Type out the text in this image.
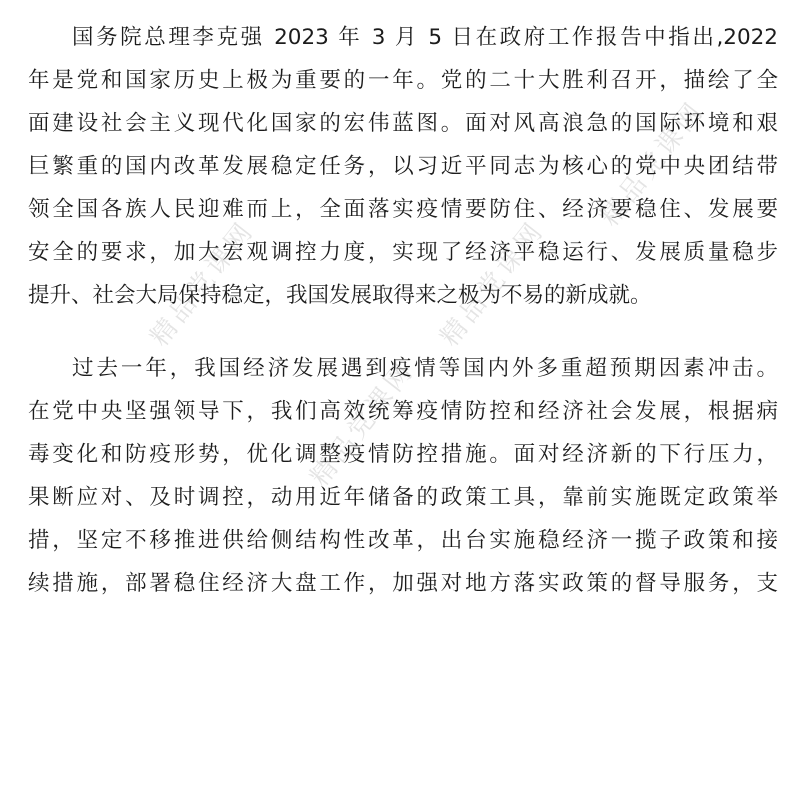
精品党课网
精品党课网
精品党课网
精品党课网
国务院总理李克强 2023 年 3 月 5 日在政府工作报告中指出,2022
年是党和国家历史上极为重要的一年。党的二十大胜利召开，描绘了全
面建设社会主义现代化国家的宏伟蓝图。面对风高浪急的国际环境和艰
巨繁重的国内改革发展稳定任务，以习近平同志为核心的党中央团结带
领全国各族人民迎难而上，全面落实疫情要防住、经济要稳住、发展要
安全的要求，加大宏观调控力度，实现了经济平稳运行、发展质量稳步
提升、社会大局保持稳定，我国发展取得来之极为不易的新成就。
过去一年，我国经济发展遇到疫情等国内外多重超预期因素冲击。
在党中央坚强领导下，我们高效统筹疫情防控和经济社会发展，根据病
毒变化和防疫形势，优化调整疫情防控措施。面对经济新的下行压力，
果断应对、及时调控，动用近年储备的政策工具，靠前实施既定政策举
措，坚定不移推进供给侧结构性改革，出台实施稳经济一揽子政策和接
续措施，部署稳住经济大盘工作，加强对地方落实政策的督导服务，支
